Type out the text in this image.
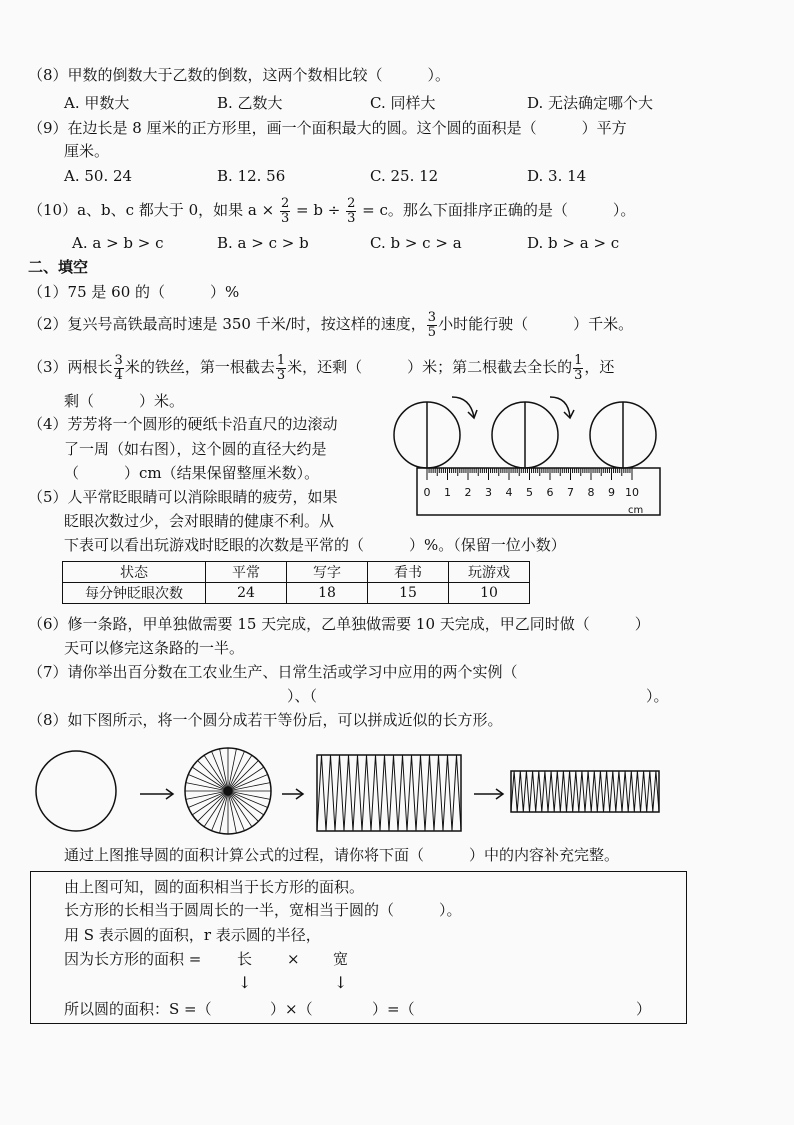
（8）甲数的倒数大于乙数的倒数，这两个数相比较（　　　）。
A. 甲数大	B. 乙数大	C. 同样大	D. 无法确定哪个大
（9）在边长是 8 厘米的正方形里，画一个面积最大的圆。这个圆的面积是（　　　）平方
厘米。
A. 50. 24	B. 12. 56	C. 25. 12	D. 3. 14
（10）a、b、c 都大于 0，如果 $a \times \frac{2}{3} = b \div \frac{2}{3} = c$。那么下面排序正确的是（　　　）。
A. a > b > c	B. a > c > b	C. b > c > a	D. b > a > c
二、填空
（1）75 是 60 的（　　　）%
（2）复兴号高铁最高时速是 350 千米/时，按这样的速度， $\frac{3}{5}$ 小时能行驶（　　　）千米。
（3）两根长 $\frac{3}{4}$ 米的铁丝，第一根截去 $\frac{1}{3}$ 米，还剩（　　　）米；第二根截去全长的 $\frac{1}{3}$ ，还
剩（　　　）米。
（4）芳芳将一个圆形的硬纸卡沿直尺的边滚动
了一周（如右图），这个圆的直径大约是
（　　　）cm（结果保留整厘米数）。
0 1 2 3 4 5 6 7 8 9 10
cm
（5）人平常眨眼睛可以消除眼睛的疲劳，如果
眨眼次数过少，会对眼睛的健康不利。从
下表可以看出玩游戏时眨眼的次数是平常的（　　　）%。（保留一位小数）
状态	平常	写字	看书	玩游戏
每分钟眨眼次数	24	18	15	10
（6）修一条路，甲单独做需要 15 天完成，乙单独做需要 10 天完成，甲乙同时做（　　　）
天可以修完这条路的一半。
（7）请你举出百分数在工农业生产、日常生活或学习中应用的两个实例（
）、（	）。
（8）如下图所示，将一个圆分成若干等份后，可以拼成近似的长方形。
通过上图推导圆的面积计算公式的过程，请你将下面（　　　）中的内容补充完整。
由上图可知，圆的面积相当于长方形的面积。
长方形的长相当于圆周长的一半，宽相当于圆的（　　　）。
用 S 表示圆的面积，r 表示圆的半径，
因为长方形的面积 = 长 × 宽
↓	↓
所以圆的面积：S =（	）×（	）=（	）
